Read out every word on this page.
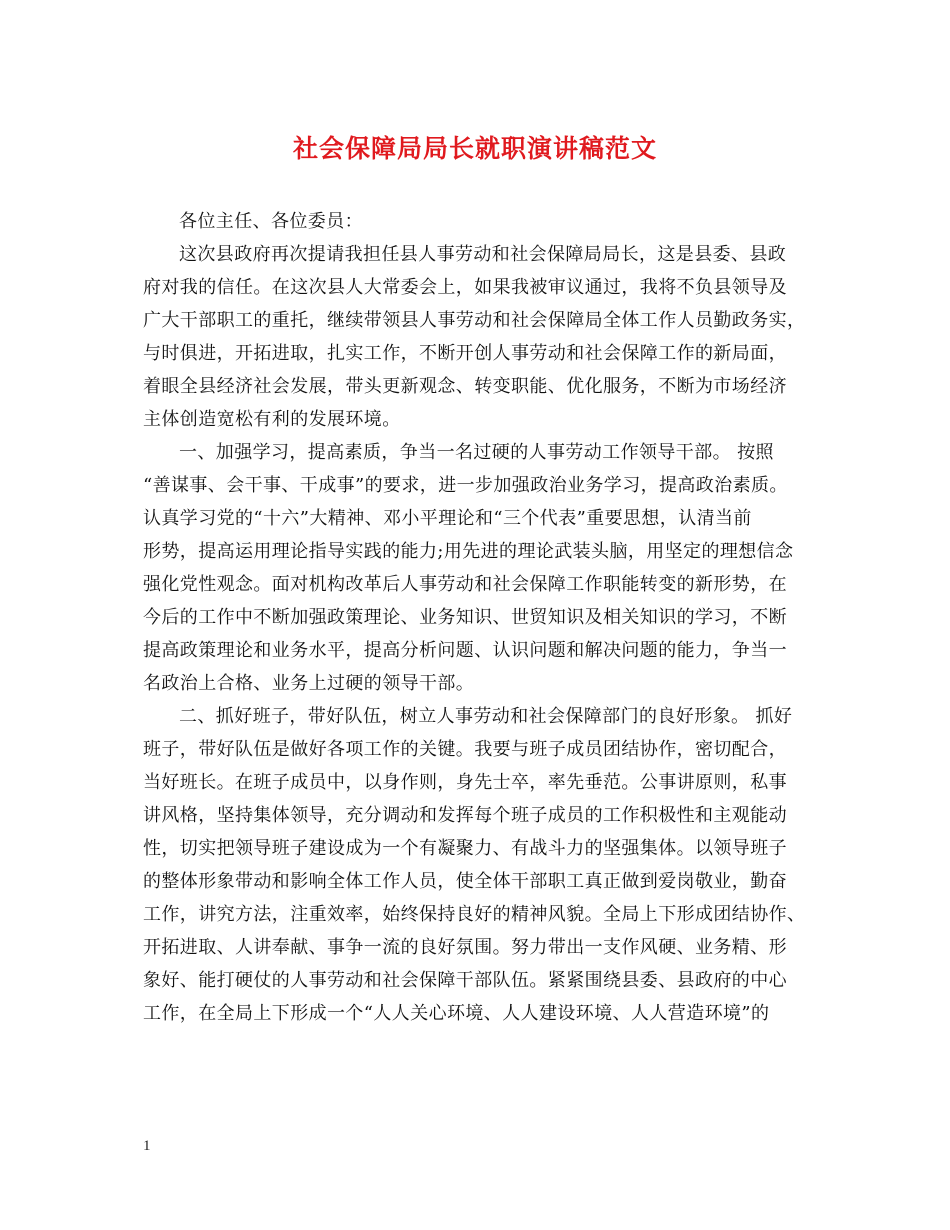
社会保障局局长就职演讲稿范文
各位主任、各位委员：
这次县政府再次提请我担任县人事劳动和社会保障局局长，这是县委、县政
府对我的信任。在这次县人大常委会上，如果我被审议通过，我将不负县领导及
广大干部职工的重托，继续带领县人事劳动和社会保障局全体工作人员勤政务实，
与时俱进，开拓进取，扎实工作，不断开创人事劳动和社会保障工作的新局面，
着眼全县经济社会发展，带头更新观念、转变职能、优化服务，不断为市场经济
主体创造宽松有利的发展环境。
一、加强学习，提高素质，争当一名过硬的人事劳动工作领导干部。 按照
“善谋事、会干事、干成事”的要求，进一步加强政治业务学习，提高政治素质。
认真学习党的“十六”大精神、邓小平理论和“三个代表”重要思想，认清当前
形势，提高运用理论指导实践的能力;用先进的理论武装头脑，用坚定的理想信念
强化党性观念。面对机构改革后人事劳动和社会保障工作职能转变的新形势，在
今后的工作中不断加强政策理论、业务知识、世贸知识及相关知识的学习，不断
提高政策理论和业务水平，提高分析问题、认识问题和解决问题的能力，争当一
名政治上合格、业务上过硬的领导干部。
二、抓好班子，带好队伍，树立人事劳动和社会保障部门的良好形象。 抓好
班子，带好队伍是做好各项工作的关键。我要与班子成员团结协作，密切配合，
当好班长。在班子成员中，以身作则，身先士卒，率先垂范。公事讲原则，私事
讲风格，坚持集体领导，充分调动和发挥每个班子成员的工作积极性和主观能动
性，切实把领导班子建设成为一个有凝聚力、有战斗力的坚强集体。以领导班子
的整体形象带动和影响全体工作人员，使全体干部职工真正做到爱岗敬业，勤奋
工作，讲究方法，注重效率，始终保持良好的精神风貌。全局上下形成团结协作、
开拓进取、人讲奉献、事争一流的良好氛围。努力带出一支作风硬、业务精、形
象好、能打硬仗的人事劳动和社会保障干部队伍。紧紧围绕县委、县政府的中心
工作，在全局上下形成一个“人人关心环境、人人建设环境、人人营造环境”的
1
